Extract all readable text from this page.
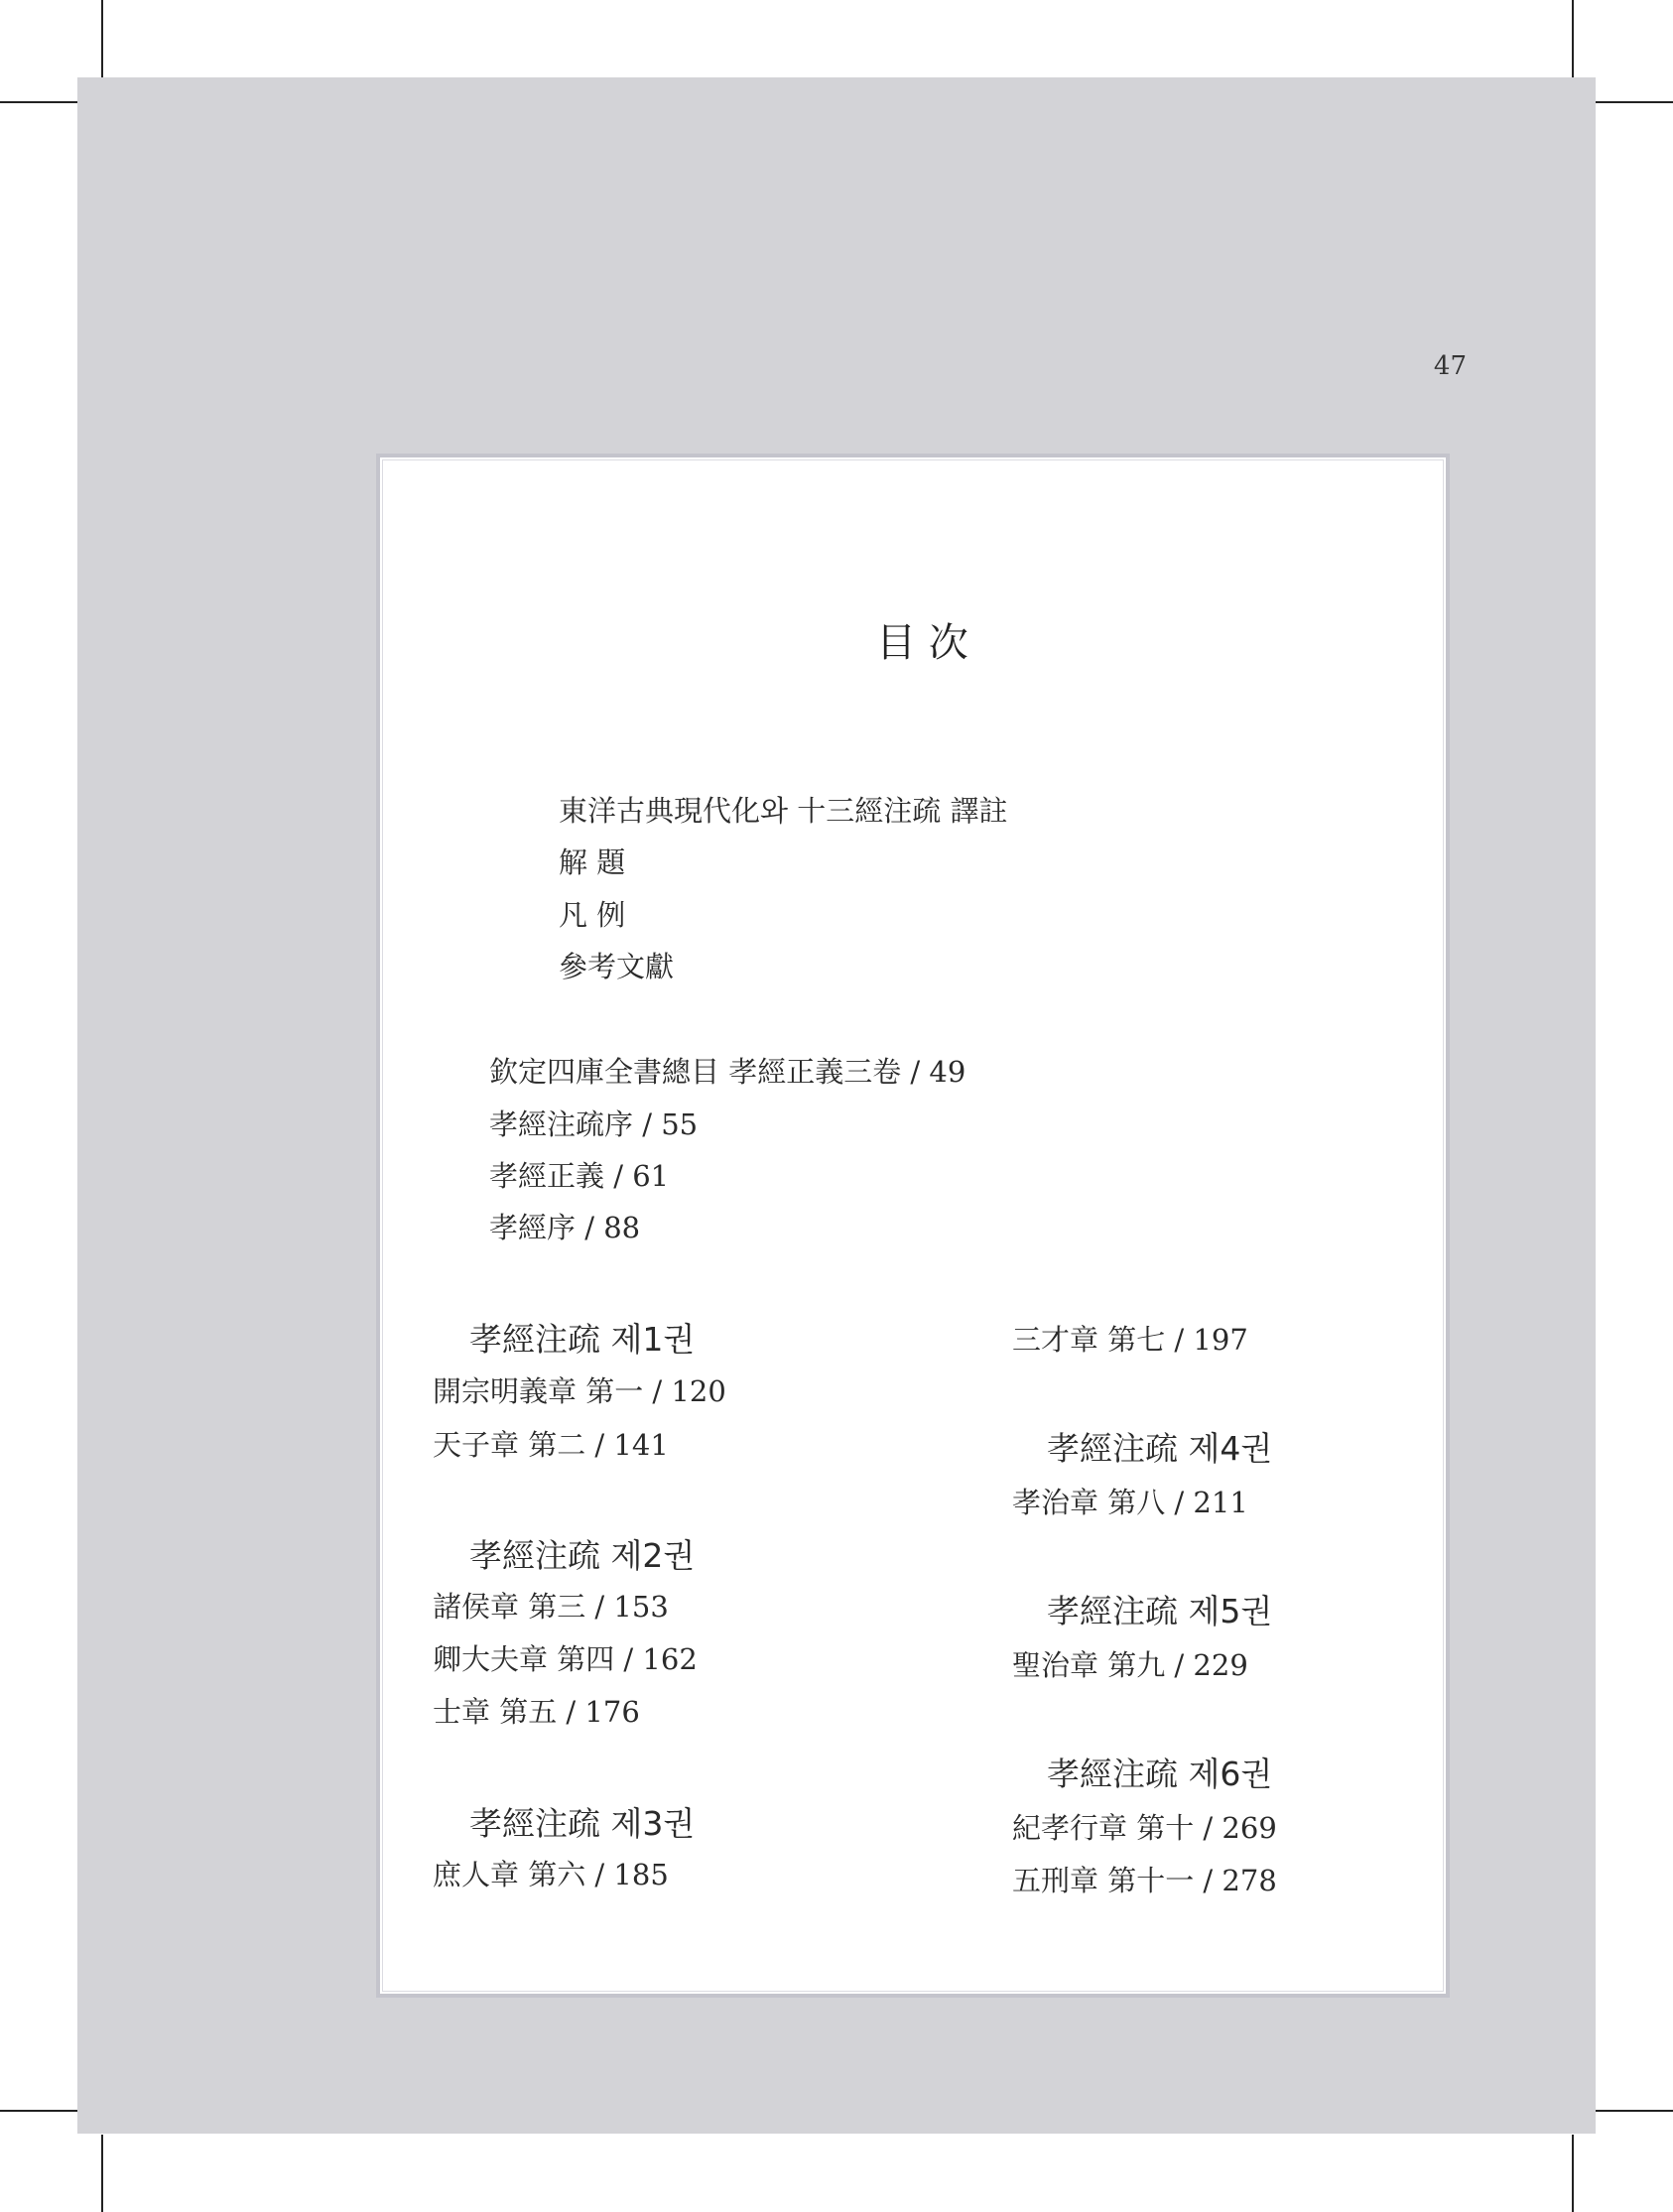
47
目 次
東洋古典現代化와 十三經注疏 譯註
解 題
凡 例
參考文獻
欽定四庫全書總目 孝經正義三卷 / 49
孝經注疏序 / 55
孝經正義 / 61
孝經序 / 88
孝經注疏 제1권
開宗明義章 第一 / 120
天子章 第二 / 141
孝經注疏 제2권
諸侯章 第三 / 153
卿大夫章 第四 / 162
士章 第五 / 176
孝經注疏 제3권
庶人章 第六 / 185
三才章 第七 / 197
孝經注疏 제4권
孝治章 第八 / 211
孝經注疏 제5권
聖治章 第九 / 229
孝經注疏 제6권
紀孝行章 第十 / 269
五刑章 第十一 / 278
